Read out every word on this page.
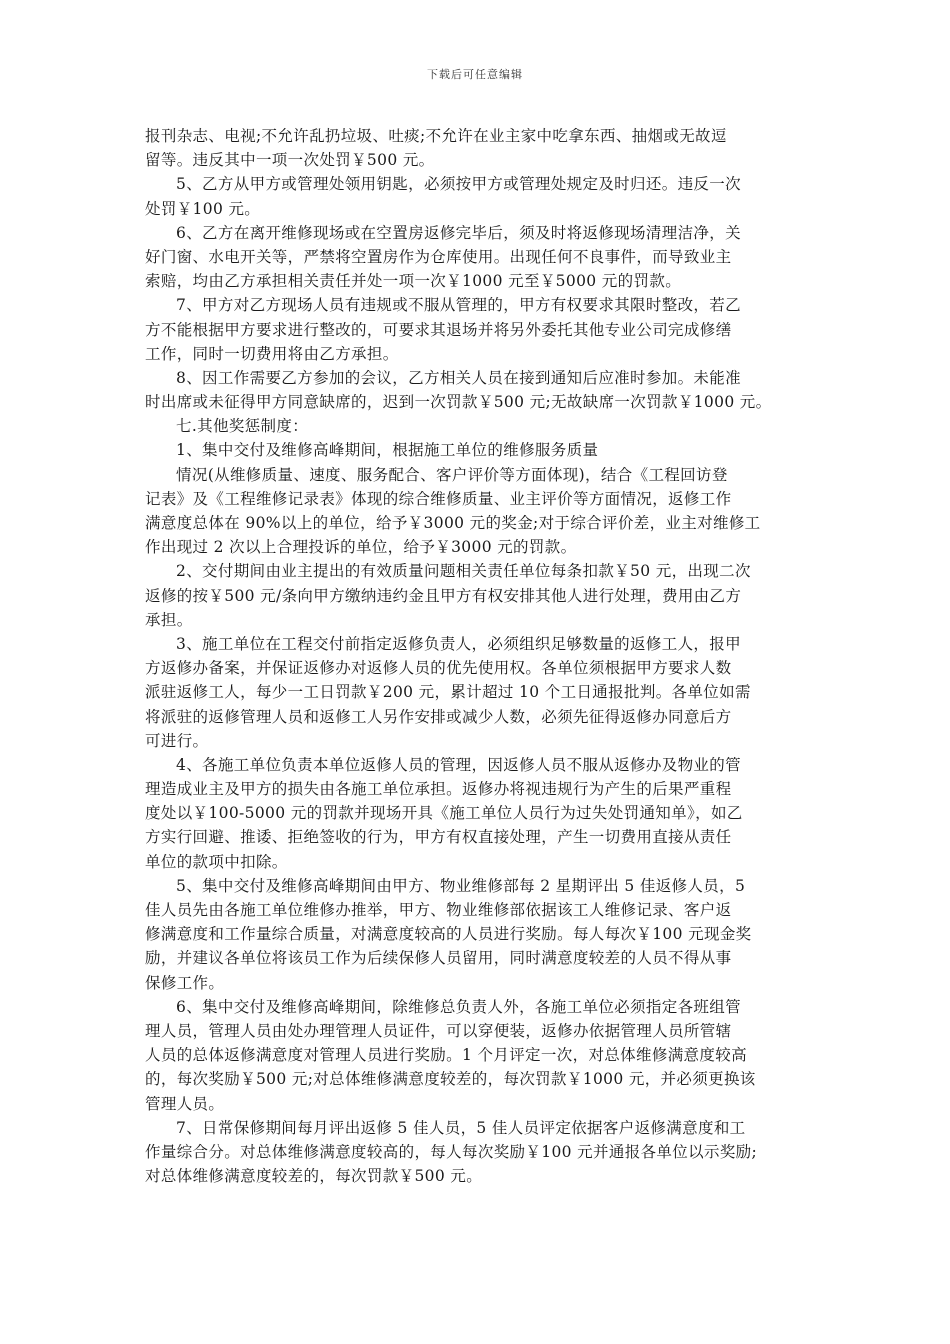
下载后可任意编辑
报刊杂志、电视;不允许乱扔垃圾、吐痰;不允许在业主家中吃拿东西、抽烟或无故逗
留等。违反其中一项一次处罚￥500 元。
5、乙方从甲方或管理处领用钥匙，必须按甲方或管理处规定及时归还。违反一次
处罚￥100 元。
6、乙方在离开维修现场或在空置房返修完毕后，须及时将返修现场清理洁净，关
好门窗、水电开关等，严禁将空置房作为仓库使用。出现任何不良事件，而导致业主
索赔，均由乙方承担相关责任并处一项一次￥1000 元至￥5000 元的罚款。
7、甲方对乙方现场人员有违规或不服从管理的，甲方有权要求其限时整改，若乙
方不能根据甲方要求进行整改的，可要求其退场并将另外委托其他专业公司完成修缮
工作，同时一切费用将由乙方承担。
8、因工作需要乙方参加的会议，乙方相关人员在接到通知后应准时参加。未能准
时出席或未征得甲方同意缺席的，迟到一次罚款￥500 元;无故缺席一次罚款￥1000 元。
七.其他奖惩制度：
1、集中交付及维修高峰期间，根据施工单位的维修服务质量
情况(从维修质量、速度、服务配合、客户评价等方面体现)，结合《工程回访登
记表》及《工程维修记录表》体现的综合维修质量、业主评价等方面情况，返修工作
满意度总体在 90%以上的单位，给予￥3000 元的奖金;对于综合评价差，业主对维修工
作出现过 2 次以上合理投诉的单位，给予￥3000 元的罚款。
2、交付期间由业主提出的有效质量问题相关责任单位每条扣款￥50 元，出现二次
返修的按￥500 元/条向甲方缴纳违约金且甲方有权安排其他人进行处理，费用由乙方
承担。
3、施工单位在工程交付前指定返修负责人，必须组织足够数量的返修工人，报甲
方返修办备案，并保证返修办对返修人员的优先使用权。各单位须根据甲方要求人数
派驻返修工人，每少一工日罚款￥200 元，累计超过 10 个工日通报批判。各单位如需
将派驻的返修管理人员和返修工人另作安排或减少人数，必须先征得返修办同意后方
可进行。
4、各施工单位负责本单位返修人员的管理，因返修人员不服从返修办及物业的管
理造成业主及甲方的损失由各施工单位承担。返修办将视违规行为产生的后果严重程
度处以￥100-5000 元的罚款并现场开具《施工单位人员行为过失处罚通知单》，如乙
方实行回避、推诿、拒绝签收的行为，甲方有权直接处理，产生一切费用直接从责任
单位的款项中扣除。
5、集中交付及维修高峰期间由甲方、物业维修部每 2 星期评出 5 佳返修人员，5
佳人员先由各施工单位维修办推举，甲方、物业维修部依据该工人维修记录、客户返
修满意度和工作量综合质量，对满意度较高的人员进行奖励。每人每次￥100 元现金奖
励，并建议各单位将该员工作为后续保修人员留用，同时满意度较差的人员不得从事
保修工作。
6、集中交付及维修高峰期间，除维修总负责人外，各施工单位必须指定各班组管
理人员，管理人员由处办理管理人员证件，可以穿便装，返修办依据管理人员所管辖
人员的总体返修满意度对管理人员进行奖励。1 个月评定一次，对总体维修满意度较高
的，每次奖励￥500 元;对总体维修满意度较差的，每次罚款￥1000 元，并必须更换该
管理人员。
7、日常保修期间每月评出返修 5 佳人员，5 佳人员评定依据客户返修满意度和工
作量综合分。对总体维修满意度较高的，每人每次奖励￥100 元并通报各单位以示奖励;
对总体维修满意度较差的，每次罚款￥500 元。
